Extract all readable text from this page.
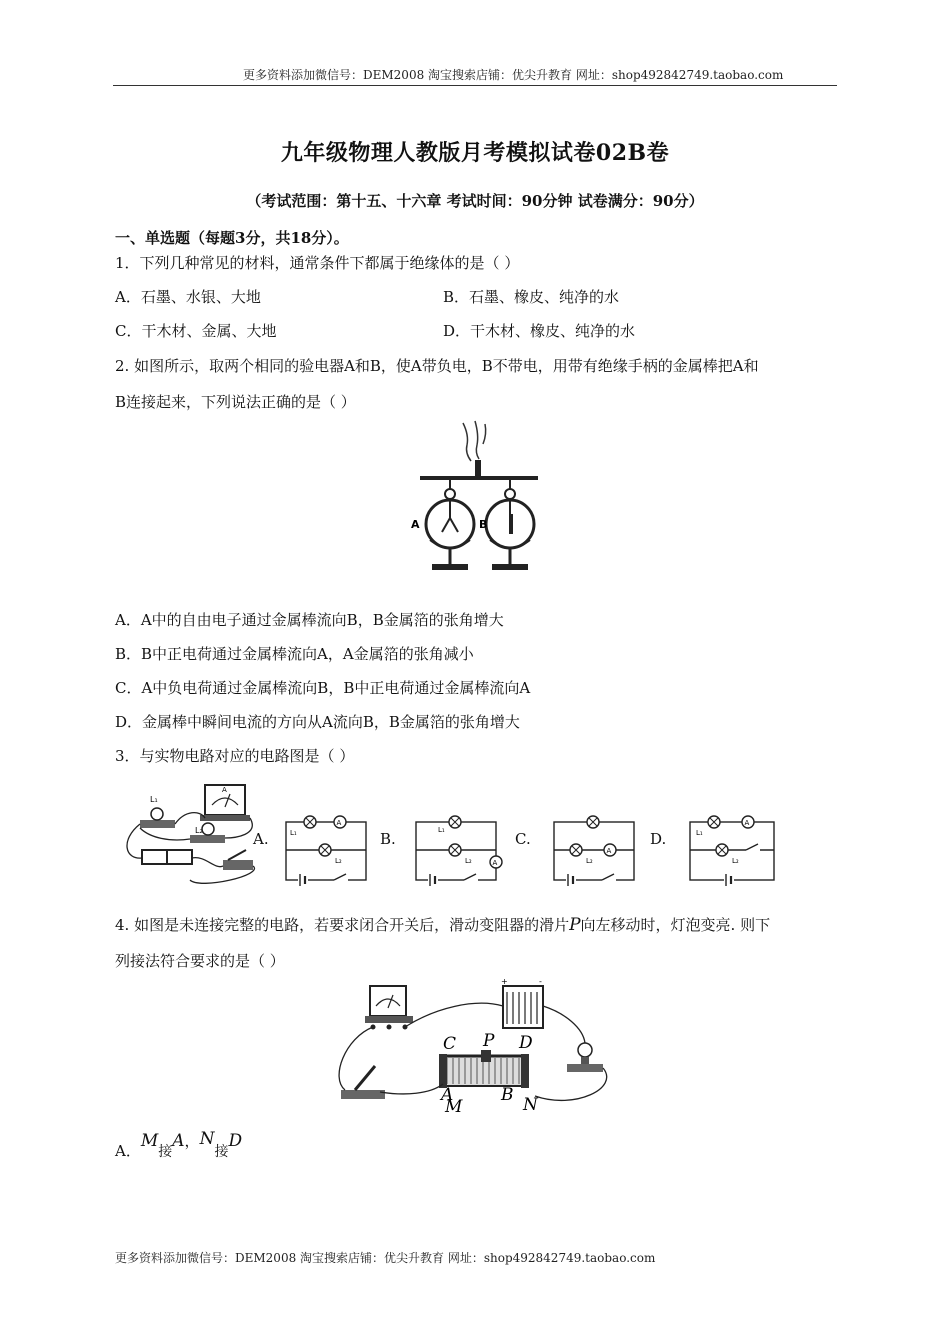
更多资料添加微信号：DEM2008 淘宝搜索店铺：优尖升教育 网址：shop492842749.taobao.com
九年级物理人教版月考模拟试卷02B卷
（考试范围：第十五、十六章 考试时间：90分钟 试卷满分：90分）
一、单选题（每题3分，共18分）。
1．下列几种常见的材料，通常条件下都属于绝缘体的是（ ）
A．石墨、水银、大地	B．石墨、橡皮、纯净的水
C．干木材、金属、大地	D．干木材、橡皮、纯净的水
2. 如图所示，取两个相同的验电器A和B，使A带负电，B不带电，用带有绝缘手柄的金属棒把A和
B连接起来，下列说法正确的是（ ）
A	B
A．A中的自由电子通过金属棒流向B，B金属箔的张角增大
B．B中正电荷通过金属棒流向A，A金属箔的张角减小
C．A中负电荷通过金属棒流向B，B中正电荷通过金属棒流向A
D．金属棒中瞬间电流的方向从A流向B，B金属箔的张角增大
3．与实物电路对应的电路图是（ ）
A
L₁
L₂	A.	B.	C.	D.
A
L₁
L₂
L₁
L₂	A	L₂
A
L₁
A
L₂
4. 如图是未连接完整的电路，若要求闭合开关后，滑动变阻器的滑片P向左移动时，灯泡变亮. 则下
列接法符合要求的是（ ）
+	-
C P D
A	B
M	N
A．M接A，N接D
更多资料添加微信号：DEM2008 淘宝搜索店铺：优尖升教育 网址：shop492842749.taobao.com
